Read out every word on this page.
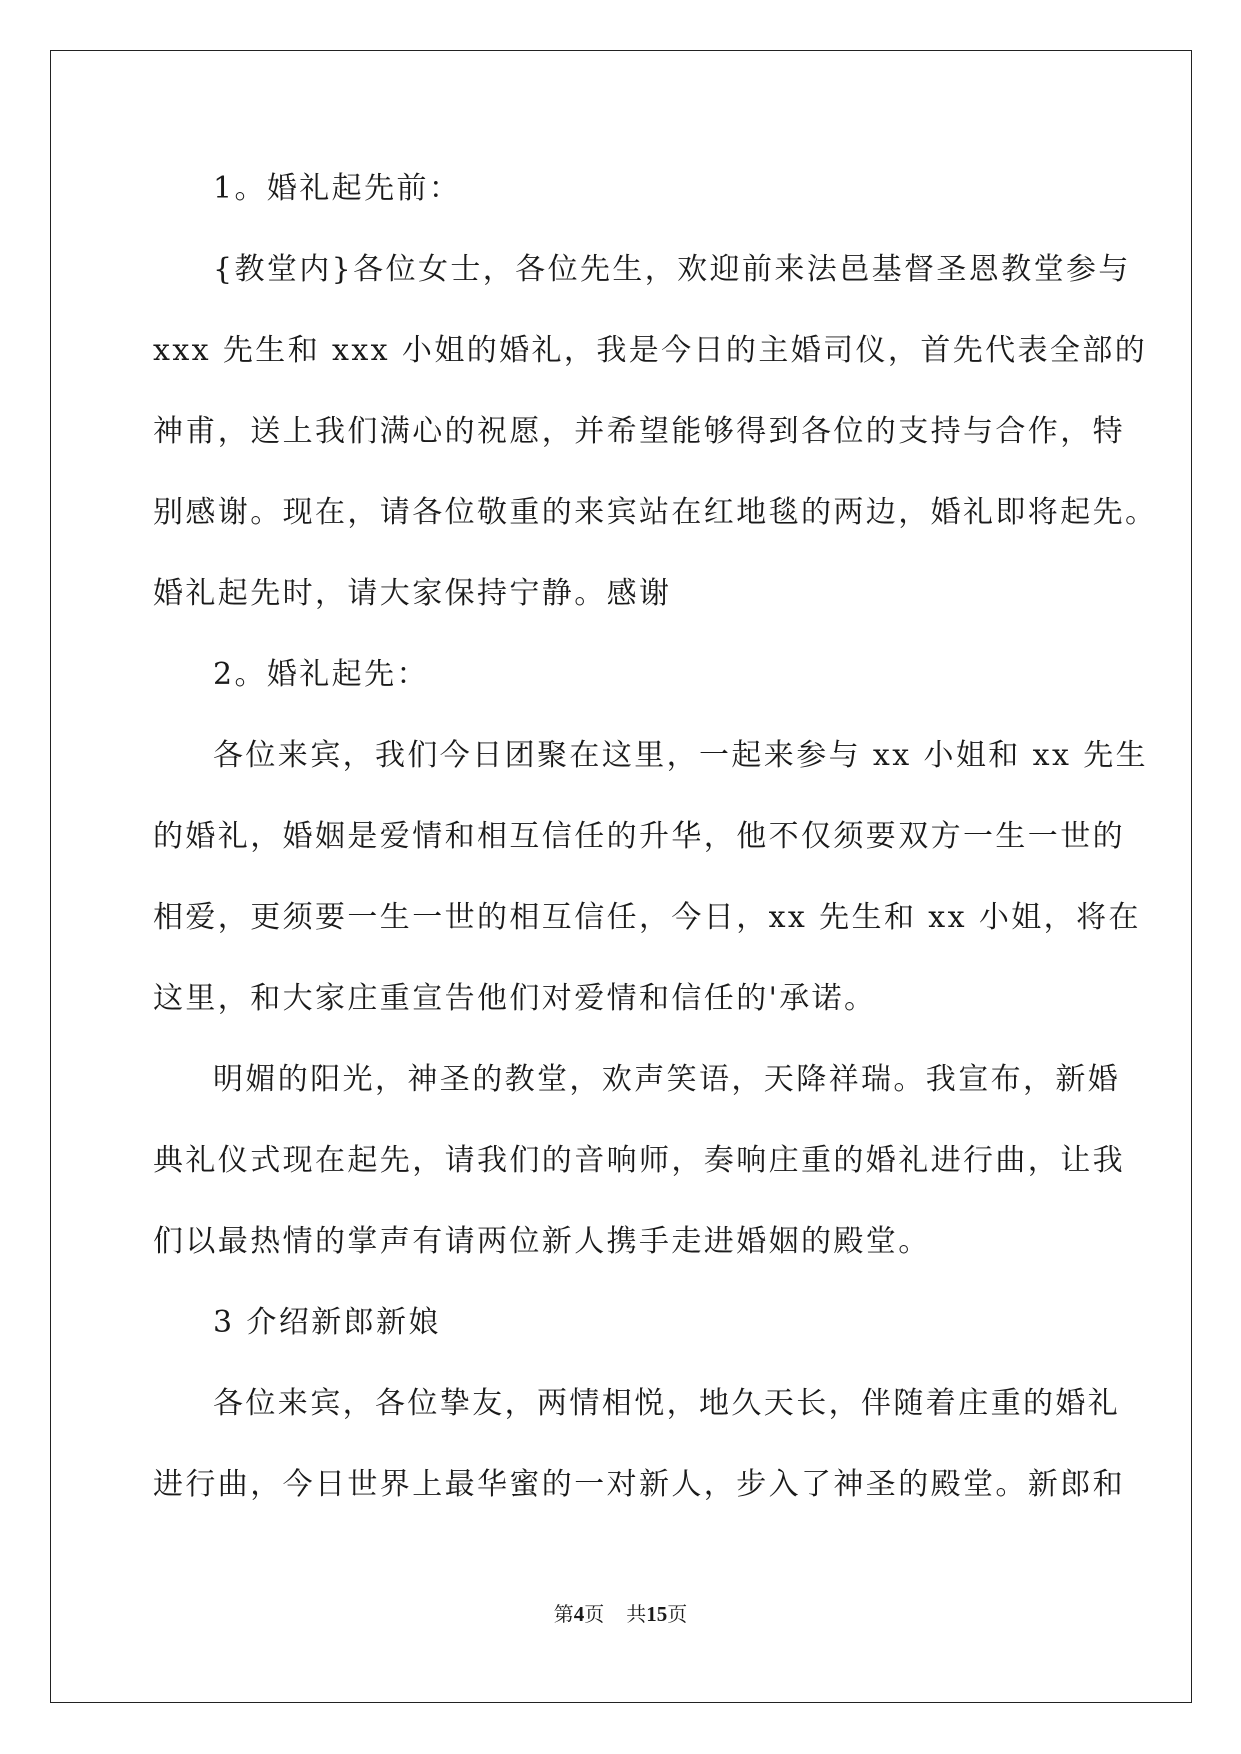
1。婚礼起先前：
{教堂内}各位女士，各位先生，欢迎前来法邑基督圣恩教堂参与
xxx 先生和 xxx 小姐的婚礼，我是今日的主婚司仪，首先代表全部的
神甫，送上我们满心的祝愿，并希望能够得到各位的支持与合作，特
别感谢。现在，请各位敬重的来宾站在红地毯的两边，婚礼即将起先。
婚礼起先时，请大家保持宁静。感谢
2。婚礼起先：
各位来宾，我们今日团聚在这里，一起来参与 xx 小姐和 xx 先生
的婚礼，婚姻是爱情和相互信任的升华，他不仅须要双方一生一世的
相爱，更须要一生一世的相互信任，今日，xx 先生和 xx 小姐，将在
这里，和大家庄重宣告他们对爱情和信任的'承诺。
明媚的阳光，神圣的教堂，欢声笑语，天降祥瑞。我宣布，新婚
典礼仪式现在起先，请我们的音响师，奏响庄重的婚礼进行曲，让我
们以最热情的掌声有请两位新人携手走进婚姻的殿堂。
3 介绍新郎新娘
各位来宾，各位挚友，两情相悦，地久天长，伴随着庄重的婚礼
进行曲，今日世界上最华蜜的一对新人，步入了神圣的殿堂。新郎和
第4页 共15页
